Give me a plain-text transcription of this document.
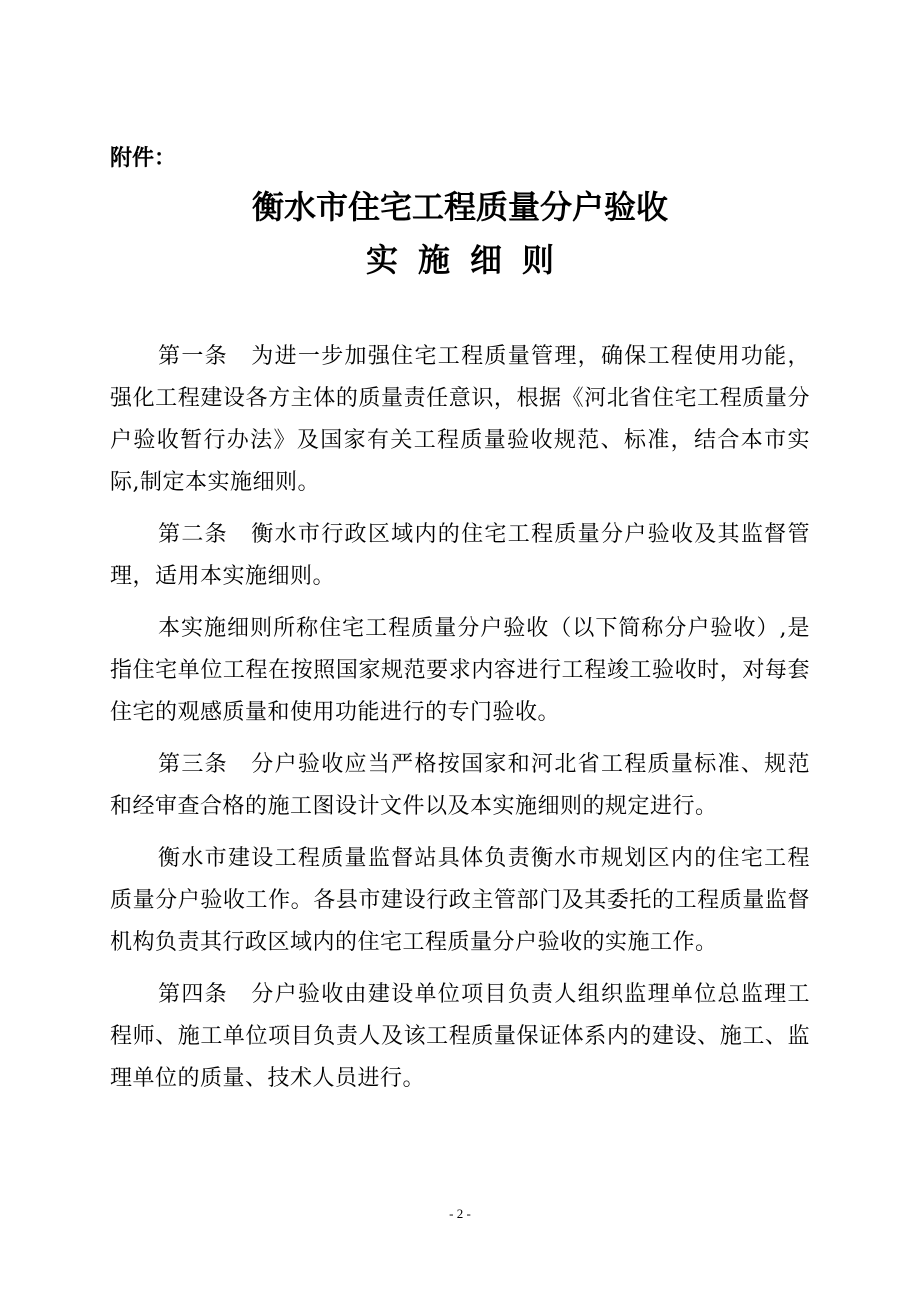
附件：

衡水市住宅工程质量分户验收
实施细则

第一条　 为进一步加强住宅工程质量管理，确保工程使用功能，强化工程建设各方主体的质量责任意识，根据《河北省住宅工程质量分户验收暂行办法》及国家有关工程质量验收规范、标准，结合本市实际,制定本实施细则。

第二条　 衡水市行政区域内的住宅工程质量分户验收及其监督管理，适用本实施细则。

本实施细则所称住宅工程质量分户验收（以下简称分户验收）,是指住宅单位工程在按照国家规范要求内容进行工程竣工验收时，对每套住宅的观感质量和使用功能进行的专门验收。

第三条　 分户验收应当严格按国家和河北省工程质量标准、规范和经审查合格的施工图设计文件以及本实施细则的规定进行。

衡水市建设工程质量监督站具体负责衡水市规划区内的住宅工程质量分户验收工作。各县市建设行政主管部门及其委托的工程质量监督机构负责其行政区域内的住宅工程质量分户验收的实施工作。

第四条　 分户验收由建设单位项目负责人组织监理单位总监理工程师、施工单位项目负责人及该工程质量保证体系内的建设、施工、监理单位的质量、技术人员进行。

- 2 -
